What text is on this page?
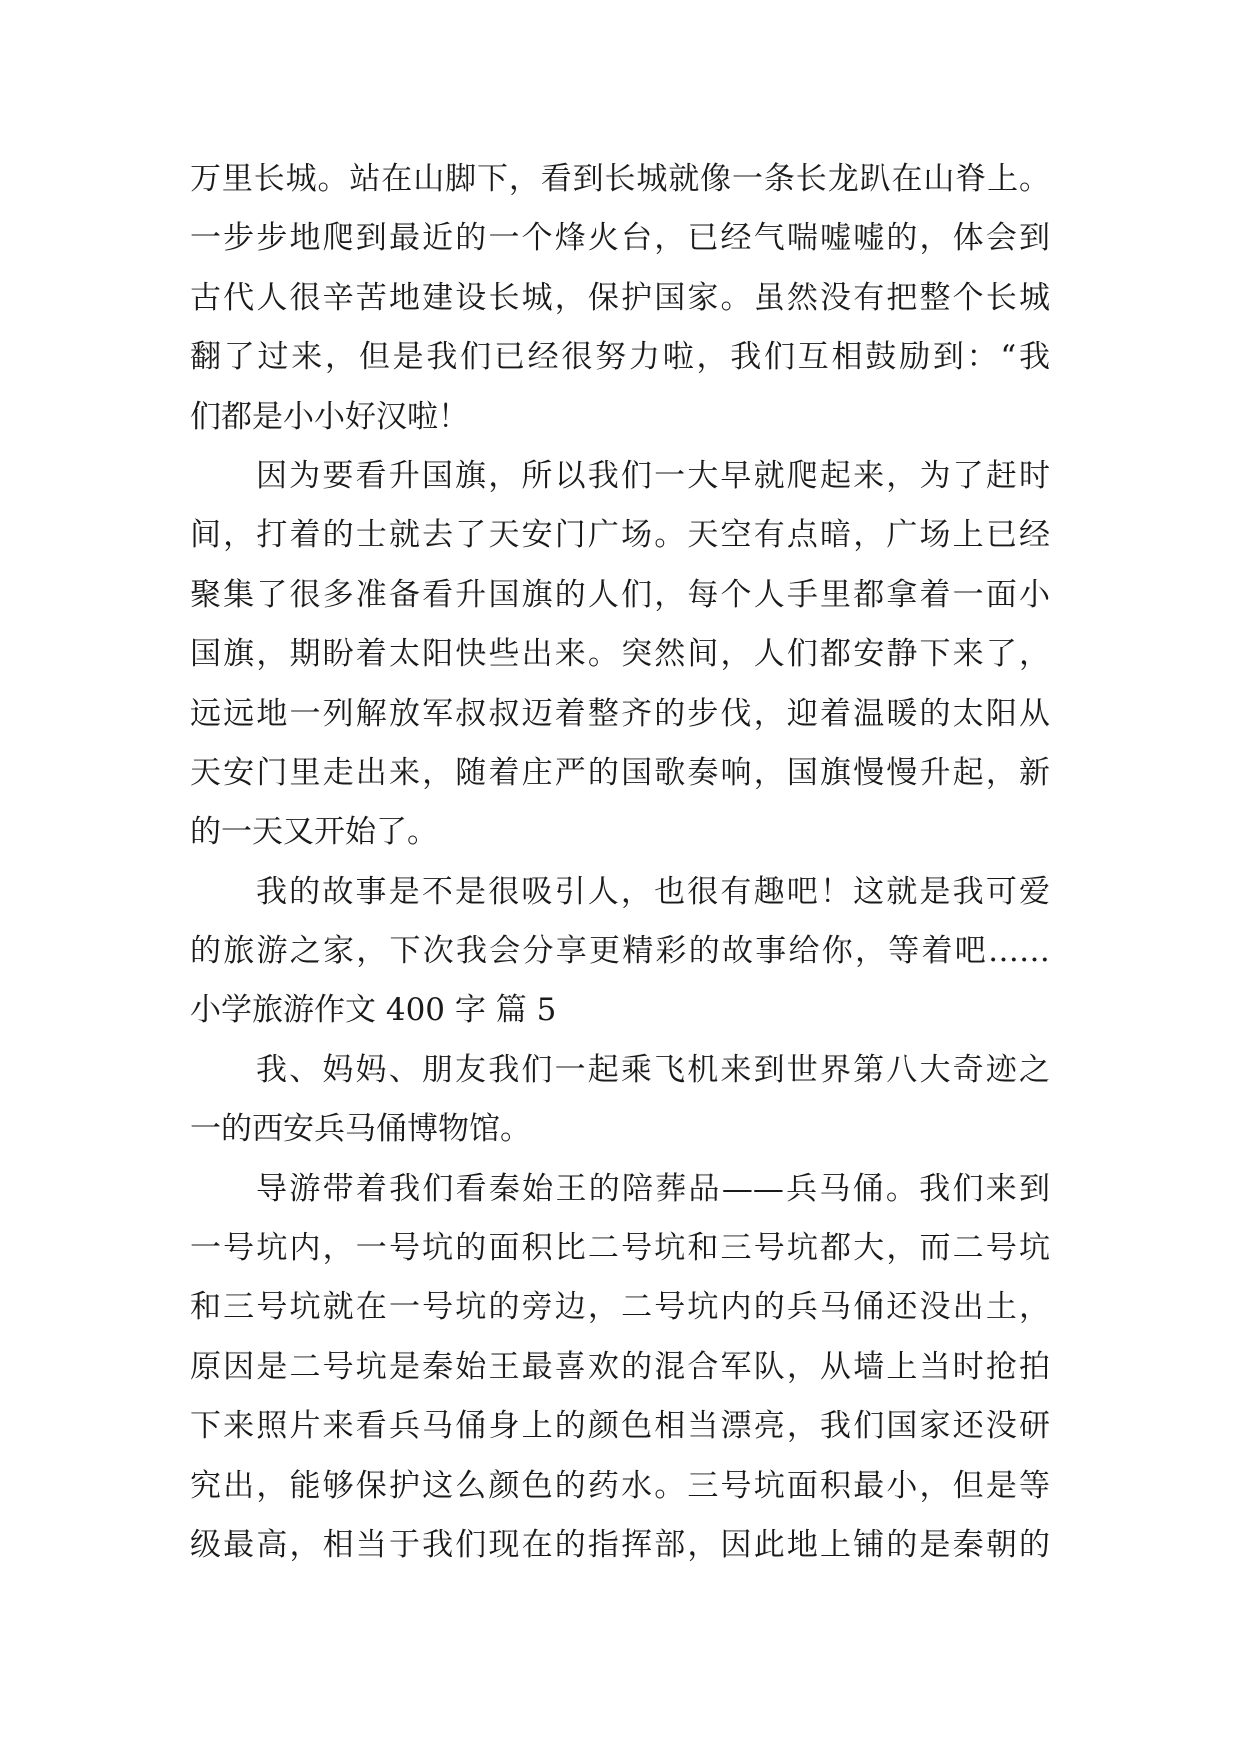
万里长城。站在山脚下，看到长城就像一条长龙趴在山脊上。
一步步地爬到最近的一个烽火台，已经气喘嘘嘘的，体会到
古代人很辛苦地建设长城，保护国家。虽然没有把整个长城
翻了过来，但是我们已经很努力啦，我们互相鼓励到：“我
们都是小小好汉啦！
因为要看升国旗，所以我们一大早就爬起来，为了赶时
间，打着的士就去了天安门广场。天空有点暗，广场上已经
聚集了很多准备看升国旗的人们，每个人手里都拿着一面小
国旗，期盼着太阳快些出来。突然间，人们都安静下来了，
远远地一列解放军叔叔迈着整齐的步伐，迎着温暖的太阳从
天安门里走出来，随着庄严的国歌奏响，国旗慢慢升起，新
的一天又开始了。
我的故事是不是很吸引人，也很有趣吧！这就是我可爱
的旅游之家，下次我会分享更精彩的故事给你，等着吧……
小学旅游作文 400 字 篇 5
我、妈妈、朋友我们一起乘飞机来到世界第八大奇迹之
一的西安兵马俑博物馆。
导游带着我们看秦始王的陪葬品——兵马俑。我们来到
一号坑内，一号坑的面积比二号坑和三号坑都大，而二号坑
和三号坑就在一号坑的旁边，二号坑内的兵马俑还没出土，
原因是二号坑是秦始王最喜欢的混合军队，从墙上当时抢拍
下来照片来看兵马俑身上的颜色相当漂亮，我们国家还没研
究出，能够保护这么颜色的药水。三号坑面积最小，但是等
级最高，相当于我们现在的指挥部，因此地上铺的是秦朝的
